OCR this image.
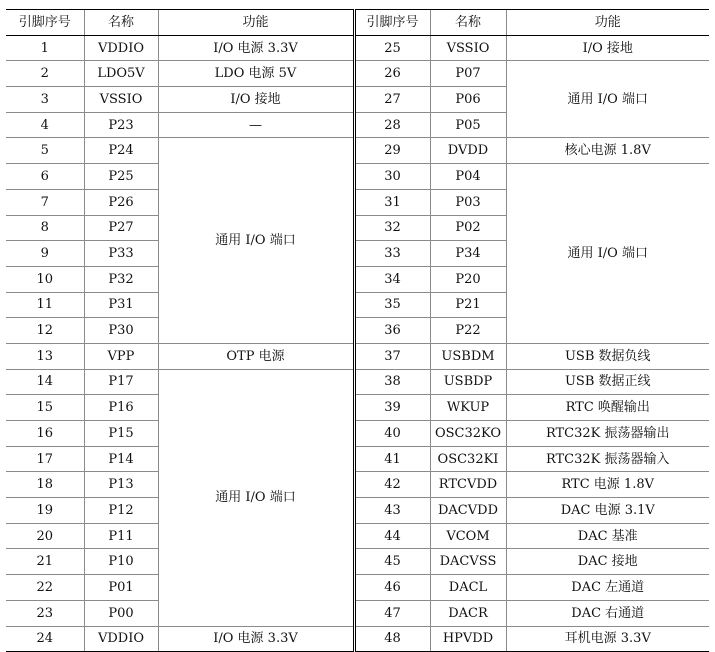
引脚序号	名称	功能	引脚序号	名称	功能
1	VDDIO	I/O 电源 3.3V	25	VSSIO	I/O 接地
2	LDO5V	LDO 电源 5V	26	P07	通用 I/O 端口
3	VSSIO	I/O 接地	27	P06	
4	P23	—	28	P05	
5	P24	通用 I/O 端口	29	DVDD	核心电源 1.8V
6	P25		30	P04	通用 I/O 端口
7	P26		31	P03	
8	P27		32	P02	
9	P33		33	P34	
10	P32		34	P20	
11	P31		35	P21	
12	P30		36	P22	
13	VPP	OTP 电源	37	USBDM	USB 数据负线
14	P17	通用 I/O 端口	38	USBDP	USB 数据正线
15	P16		39	WKUP	RTC 唤醒输出
16	P15		40	OSC32KO	RTC32K 振荡器输出
17	P14		41	OSC32KI	RTC32K 振荡器输入
18	P13		42	RTCVDD	RTC 电源 1.8V
19	P12		43	DACVDD	DAC 电源 3.1V
20	P11		44	VCOM	DAC 基准
21	P10		45	DACVSS	DAC 接地
22	P01		46	DACL	DAC 左通道
23	P00		47	DACR	DAC 右通道
24	VDDIO	I/O 电源 3.3V	48	HPVDD	耳机电源 3.3V
